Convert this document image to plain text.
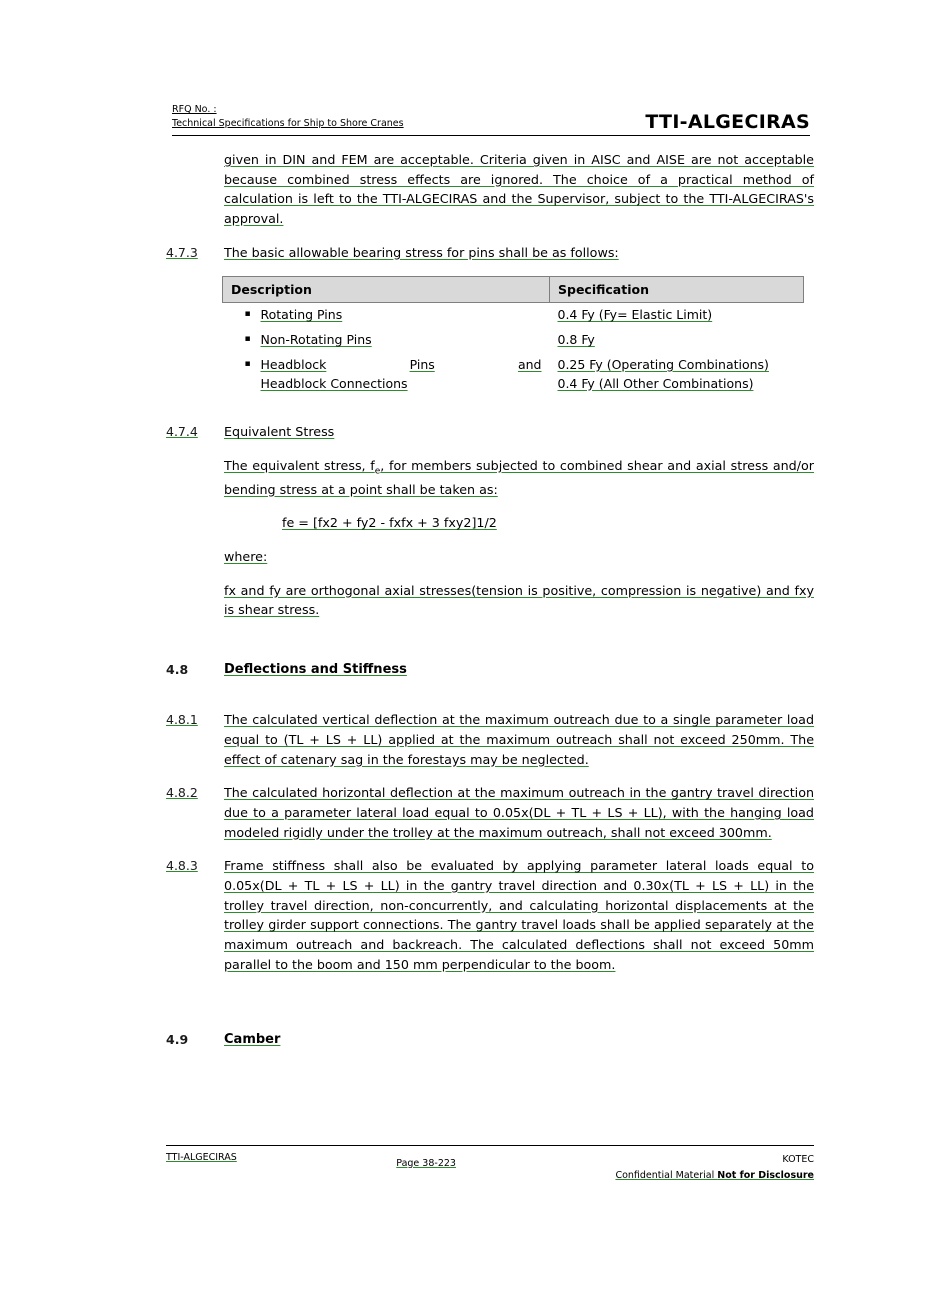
RFQ No. :
Technical Specifications for Ship to Shore Cranes	TTI-ALGECIRAS
given in DIN and FEM are acceptable. Criteria given in AISC and AISE are not acceptable because combined stress effects are ignored. The choice of a practical method of calculation is left to the TTI-ALGECIRAS and the Supervisor, subject to the TTI-ALGECIRAS's approval.
4.7.3	The basic allowable bearing stress for pins shall be as follows:
Description	Specification

▪ Rotating Pins	0.4 Fy (Fy= Elastic Limit)

▪ Non-Rotating Pins	0.8 Fy

▪ Headblock Pins and
Headblock Connections	0.25 Fy (Operating Combinations)
0.4 Fy (All Other Combinations)
4.7.4	Equivalent Stress
The equivalent stress, $f_e$, for members subjected to combined shear and axial stress and/or bending stress at a point shall be taken as:
fe = [fx2 + fy2 - fxfx + 3 fxy2]1/2
where:
fx and fy are orthogonal axial stresses(tension is positive, compression is negative) and fxy is shear stress.
4.8	Deflections and Stiffness
4.8.1	The calculated vertical deflection at the maximum outreach due to a single parameter load equal to (TL + LS + LL) applied at the maximum outreach shall not exceed 250mm. The effect of catenary sag in the forestays may be neglected.
4.8.2	The calculated horizontal deflection at the maximum outreach in the gantry travel direction due to a parameter lateral load equal to 0.05x(DL + TL + LS + LL), with the hanging load modeled rigidly under the trolley at the maximum outreach, shall not exceed 300mm.
4.8.3	Frame stiffness shall also be evaluated by applying parameter lateral loads equal to 0.05x(DL + TL + LS + LL) in the gantry travel direction and 0.30x(TL + LS + LL) in the trolley travel direction, non-concurrently, and calculating horizontal displacements at the trolley girder support connections. The gantry travel loads shall be applied separately at the maximum outreach and backreach. The calculated deflections shall not exceed 50mm parallel to the boom and 150 mm perpendicular to the boom.
4.9	Camber
TTI-ALGECIRAS
Page 38-223	KOTEC
Confidential Material Not for Disclosure
